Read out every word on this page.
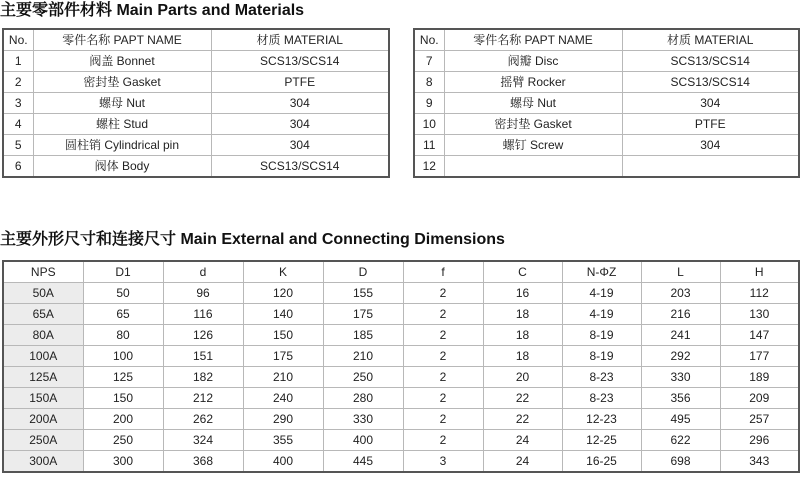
主要零部件材料 Main Parts and Materials
No.	零件名称 PAPT NAME	材质 MATERIAL
1	阀盖 Bonnet	SCS13/SCS14
2	密封垫 Gasket	PTFE
3	螺母 Nut	304
4	螺柱 Stud	304
5	圆柱销 Cylindrical pin	304
6	阀体 Body	SCS13/SCS14
No.	零件名称 PAPT NAME	材质 MATERIAL
7	阀瓣 Disc	SCS13/SCS14
8	摇臂 Rocker	SCS13/SCS14
9	螺母 Nut	304
10	密封垫 Gasket	PTFE
11	螺钉 Screw	304
12		
主要外形尺寸和连接尺寸 Main External and Connecting Dimensions
NPS	D1	d	K	D	f	C	N-ΦZ	L	H
50A	50	96	120	155	2	16	4-19	203	112
65A	65	116	140	175	2	18	4-19	216	130
80A	80	126	150	185	2	18	8-19	241	147
100A	100	151	175	210	2	18	8-19	292	177
125A	125	182	210	250	2	20	8-23	330	189
150A	150	212	240	280	2	22	8-23	356	209
200A	200	262	290	330	2	22	12-23	495	257
250A	250	324	355	400	2	24	12-25	622	296
300A	300	368	400	445	3	24	16-25	698	343
